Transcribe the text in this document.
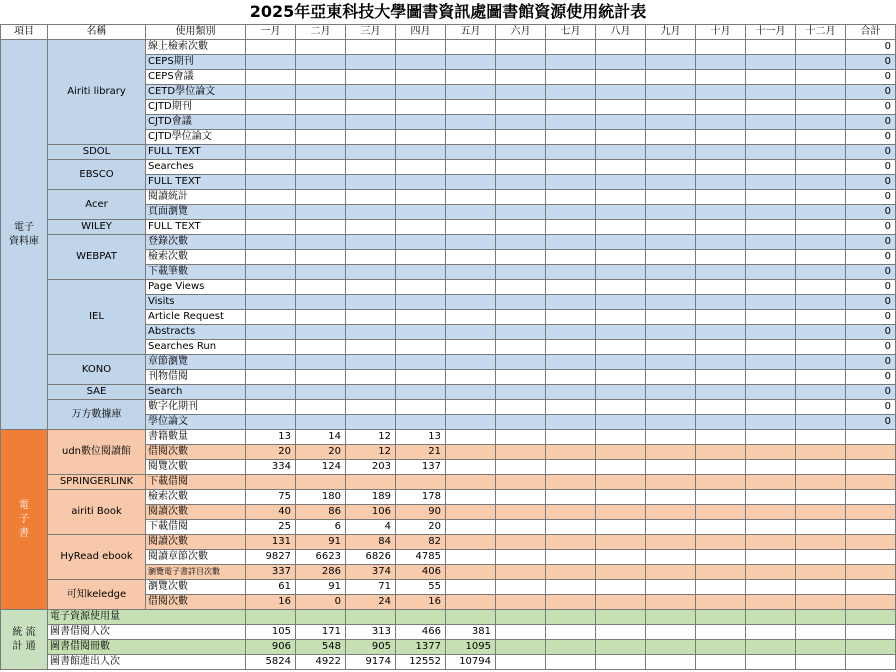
2025年亞東科技大學圖書資訊處圖書館資源使用統計表
項目	名稱	使用類別	一月	二月	三月	四月	五月	六月	七月	八月	九月	十月	十一月	十二月	合計
電子
資料庫	Airiti library	線上檢索次數													0
		CEPS期刊													0
		CEPS會議													0
		CETD學位論文													0
		CJTD期刊													0
		CJTD會議													0
		CJTD學位論文													0
	SDOL	FULL TEXT													0
	EBSCO	Searches													0
		FULL TEXT													0
	Acer	閱讀統計													0
		頁面瀏覽													0
	WILEY	FULL TEXT													0
	WEBPAT	登錄次數													0
		檢索次數													0
		下載筆數													0
	IEL	Page Views													0
		Visits													0
		Article Request													0
		Abstracts													0
		Searches Run													0
	KONO	章節瀏覽													0
		刊物借閱													0
	SAE	Search													0
	万方數據庫	數字化期刊													0
		學位論文													0
電
子
書	udn數位閱讀館	書籍數量	13	14	12	13									
		借閱次數	20	20	12	21									
		閱覽次數	334	124	203	137									
	SPRINGERLINK	下載借閱													
	airiti Book	檢索次數	75	180	189	178									
		閱讀次數	40	86	106	90									
		下載借閱	25	6	4	20									
	HyRead ebook	閱讀次數	131	91	84	82									
		閱讀章節次數	9827	6623	6826	4785									
		瀏覽電子書詳目次數	337	286	374	406									
	可知keledge	瀏覽次數	61	91	71	55									
		借閱次數	16	0	24	16									
統 流
計 通	電子資源使用量														
	圖書借閱人次		105	171	313	466	381								
	圖書借閱冊數		906	548	905	1377	1095								
	圖書館進出人次		5824	4922	9174	12552	10794								
